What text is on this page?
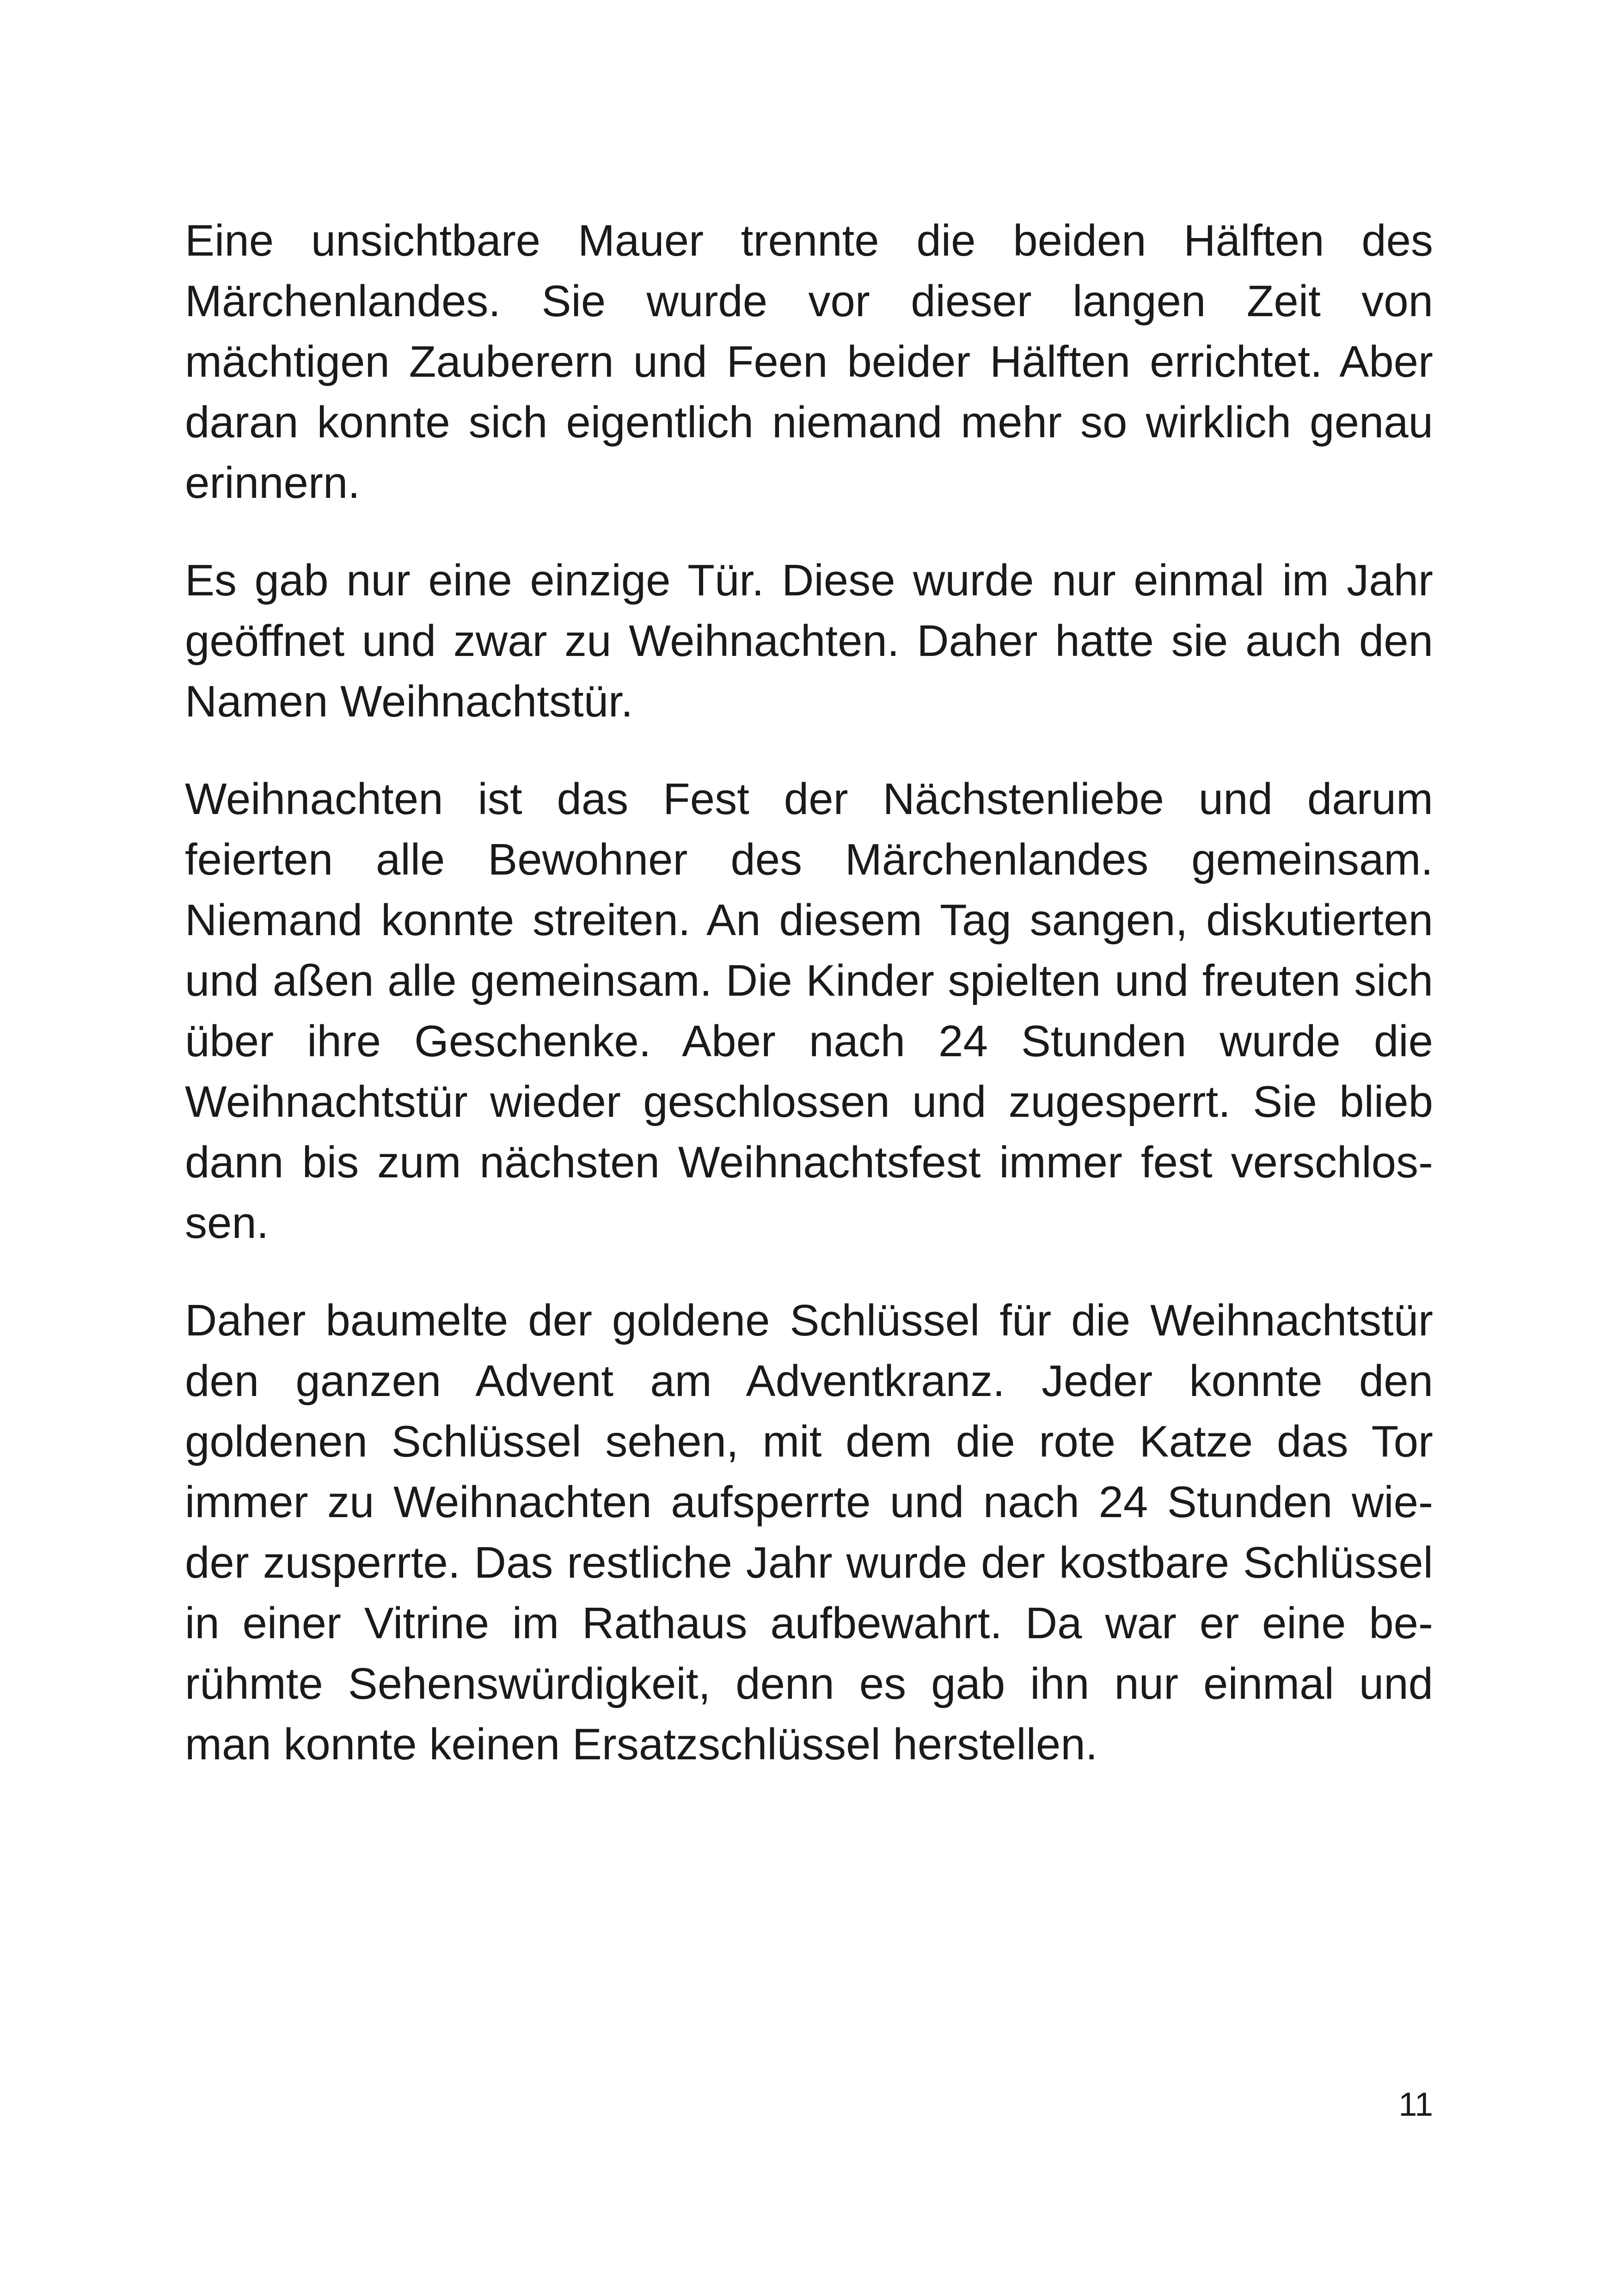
Eine unsichtbare Mauer trennte die beiden Hälften des
Märchenlandes. Sie wurde vor dieser langen Zeit von
mächtigen Zauberern und Feen beider Hälften errichtet. Aber
daran konnte sich eigentlich niemand mehr so wirklich genau
erinnern.

Es gab nur eine einzige Tür. Diese wurde nur einmal im Jahr
geöffnet und zwar zu Weihnachten. Daher hatte sie auch den
Namen Weihnachtstür.

Weihnachten ist das Fest der Nächstenliebe und darum
feierten alle Bewohner des Märchenlandes gemeinsam.
Niemand konnte streiten. An diesem Tag sangen, diskutierten
und aßen alle gemeinsam. Die Kinder spielten und freuten sich
über ihre Geschenke. Aber nach 24 Stunden wurde die
Weihnachtstür wieder geschlossen und zugesperrt. Sie blieb
dann bis zum nächsten Weihnachtsfest immer fest verschlos-
sen.

Daher baumelte der goldene Schlüssel für die Weihnachtstür
den ganzen Advent am Adventkranz. Jeder konnte den
goldenen Schlüssel sehen, mit dem die rote Katze das Tor
immer zu Weihnachten aufsperrte und nach 24 Stunden wie-
der zusperrte. Das restliche Jahr wurde der kostbare Schlüssel
in einer Vitrine im Rathaus aufbewahrt. Da war er eine be-
rühmte Sehenswürdigkeit, denn es gab ihn nur einmal und
man konnte keinen Ersatzschlüssel herstellen.

11
